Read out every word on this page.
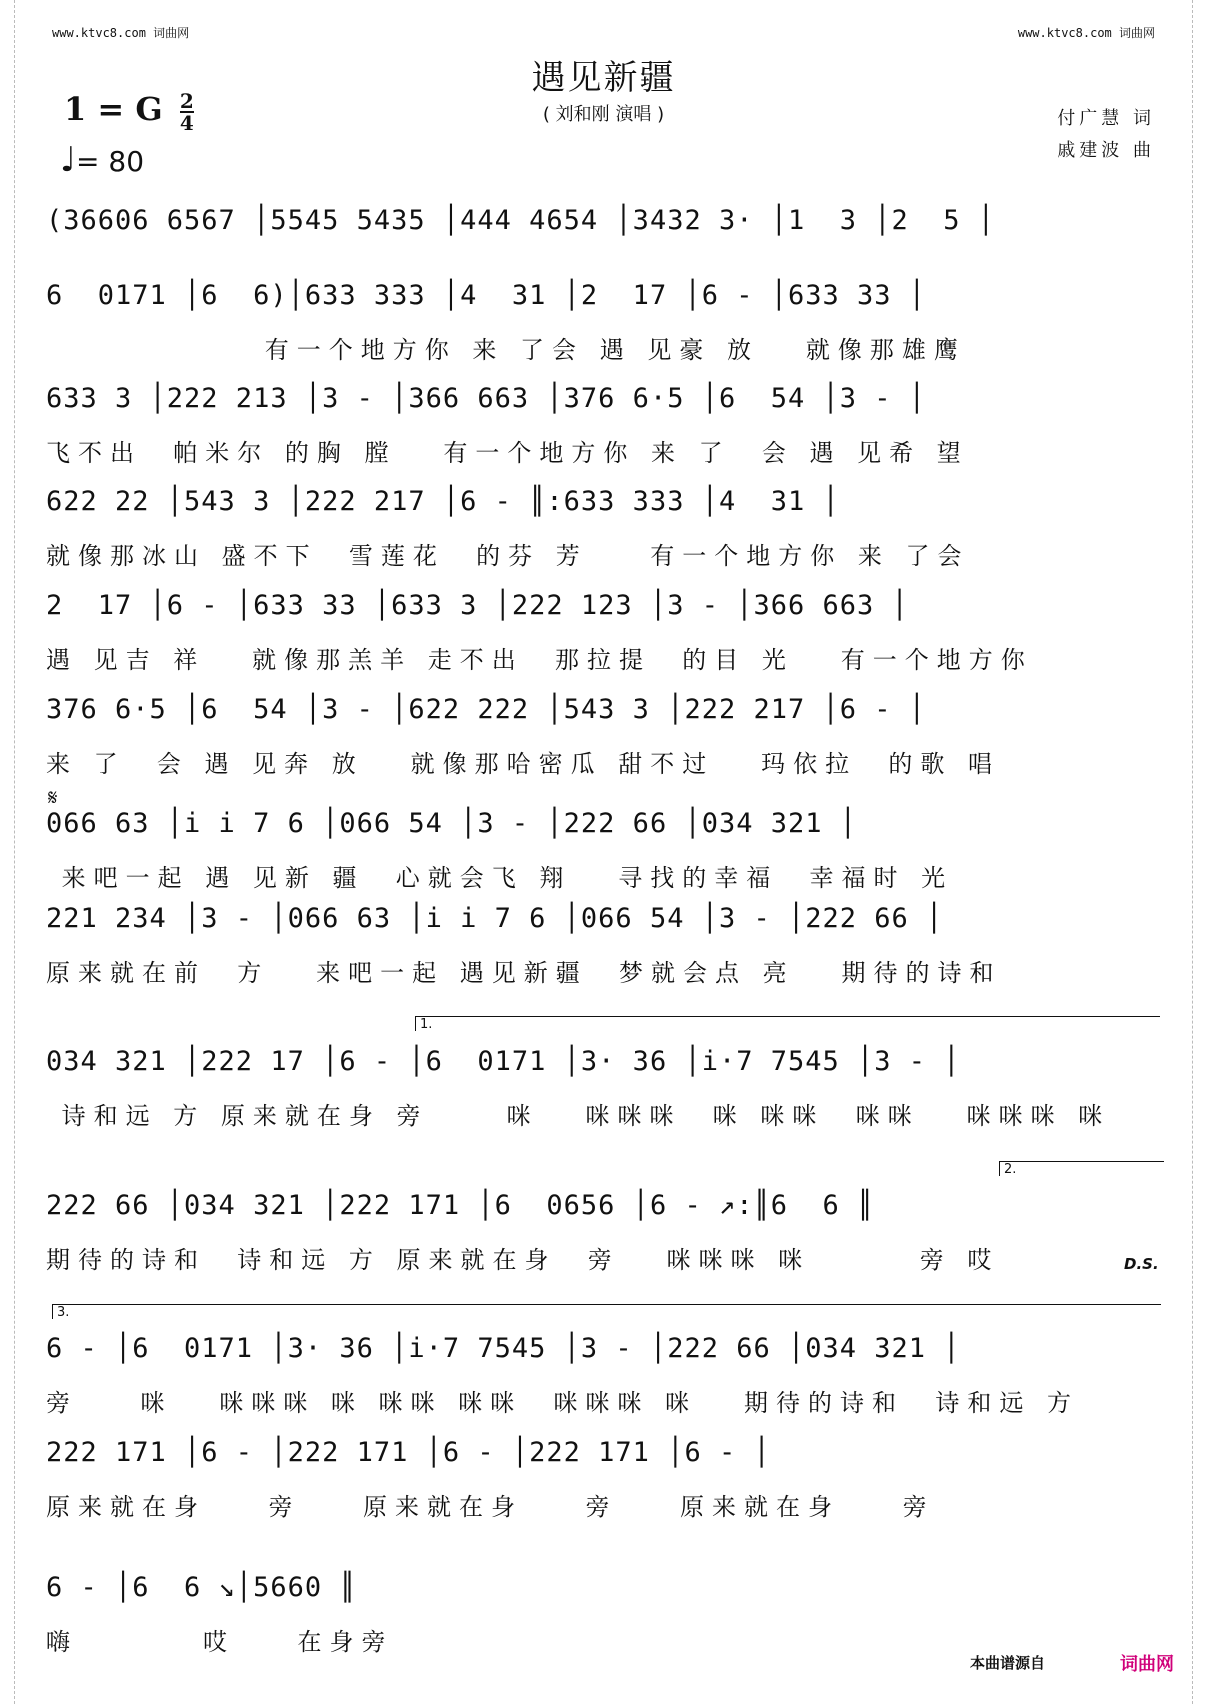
www.ktvc8.com 词曲网	www.ktvc8.com 词曲网
遇见新疆
( 刘和刚 演唱 )
1 = G $\frac{2}{4}$
♩= 80
付广慧 词
戚建波 曲
(36606 6567 │5545 5435 │444 4654 │3432 3· │1  3 │2  5 │
6  0171 │6  6)│633 333 │4  31 │2  17 │6 - │633 33 │
有一个地方你 来 了会 遇 见豪 放   就像那雄鹰
633 3 │222 213 │3 - │366 663 │376 6·5 │6  54 │3 - │
飞不出  帕米尔 的胸 膛   有一个地方你 来 了  会 遇 见希 望
622 22 │543 3 │222 217 │6 - ║:633 333 │4  31 │
就像那冰山 盛不下  雪莲花  的芬 芳    有一个地方你 来 了会
2  17 │6 - │633 33 │633 3 │222 123 │3 - │366 663 │
遇 见吉 祥   就像那羔羊 走不出  那拉提  的目 光   有一个地方你
376 6·5 │6  54 │3 - │622 222 │543 3 │222 217 │6 - │
来 了  会 遇 见奔 放   就像那哈密瓜 甜不过   玛依拉  的歌 唱
066 63 │i i 7 6 │066 54 │3 - │222 66 │034 321 │
来吧一起 遇 见新 疆  心就会飞 翔   寻找的幸福  幸福时 光
221 234 │3 - │066 63 │i i 7 6 │066 54 │3 - │222 66 │
原来就在前  方   来吧一起 遇见新疆  梦就会点 亮   期待的诗和
034 321 │222 17 │6 - │6  0171 │3· 36 │i·7 7545 │3 - │
诗和远 方 原来就在身 旁     咪   咪咪咪  咪 咪咪  咪咪   咪咪咪 咪
222 66 │034 321 │222 171 │6  0656 │6 - ↗:║6  6 ║
期待的诗和  诗和远 方 原来就在身  旁   咪咪咪 咪       旁 哎
6 - │6  0171 │3· 36 │i·7 7545 │3 - │222 66 │034 321 │
旁    咪   咪咪咪 咪 咪咪 咪咪  咪咪咪 咪   期待的诗和  诗和远 方
222 171 │6 - │222 171 │6 - │222 171 │6 - │
原来就在身    旁    原来就在身    旁    原来就在身    旁
6 - │6  6 ↘│5660 ║
嗨        哎    在身旁
𝄋
D.S.
1.
2.
3.
本曲谱源自	词曲网
